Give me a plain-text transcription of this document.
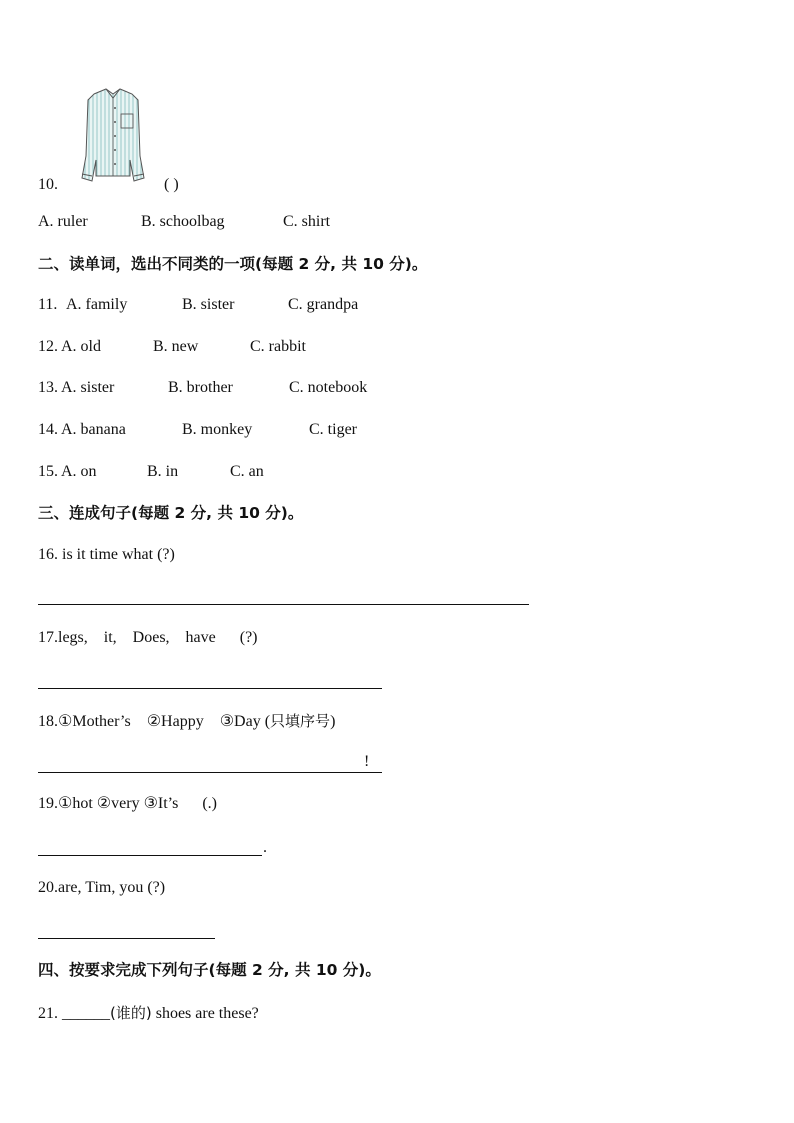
10.	( )
A. ruler	B. schoolbag	C. shirt
二、读单词，选出不同类的一项(每题 2 分, 共 10 分)。
11. A. family	B. sister	C. grandpa
12. A. old	B. new	C. rabbit
13. A. sister	B. brother	C. notebook
14. A. banana	B. monkey	C. tiger
15. A. on	B. in	C. an
三、连成句子(每题 2 分, 共 10 分)。
16. is it time what (?)
17.legs,    it,    Does,    have      (?)
18.①Mother’s    ②Happy    ③Day (只填序号)
!
19.①hot ②very ③It’s      (.)
.
20.are, Tim, you (?)
四、按要求完成下列句子(每题 2 分, 共 10 分)。
21. ______(谁的) shoes are these?
